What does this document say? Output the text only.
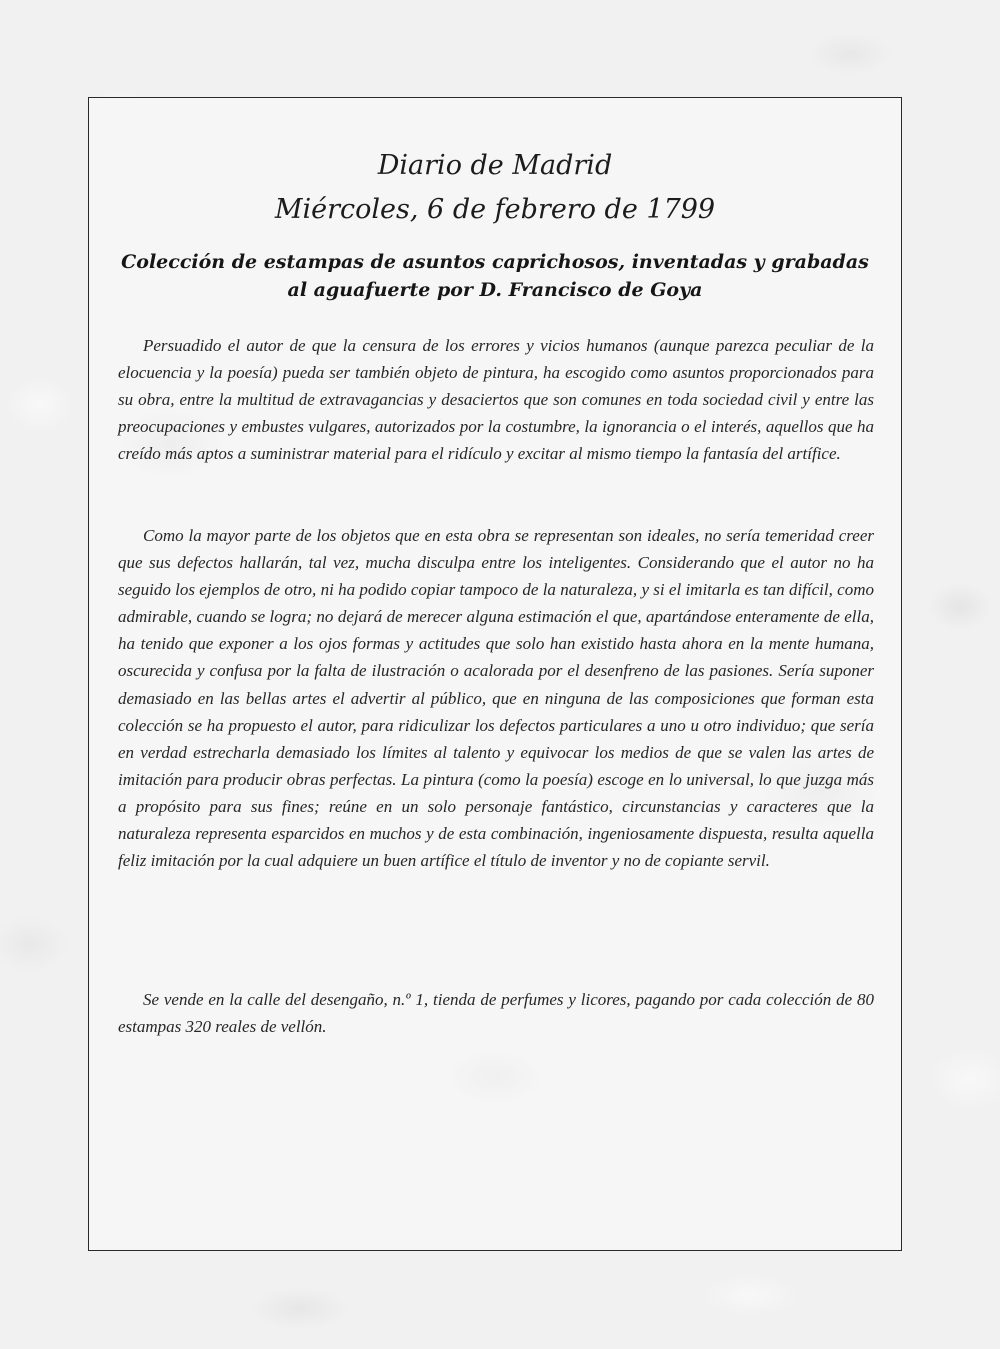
Diario de Madrid
Miércoles, 6 de febrero de 1799
Colección de estampas de asuntos caprichosos, inventadas y grabadas
al aguafuerte por D. Francisco de Goya

Persuadido el autor de que la censura de los errores y vicios humanos (aunque parezca peculiar de la elocuencia y la poesía) pueda ser también objeto de pintura, ha escogido como asuntos proporcionados para su obra, entre la multitud de extravagancias y desaciertos que son comunes en toda sociedad civil y entre las preocupaciones y embustes vulgares, autorizados por la costumbre, la ignorancia o el interés, aquellos que ha creído más aptos a suministrar material para el ridículo y excitar al mismo tiempo la fantasía del artífice.

Como la mayor parte de los objetos que en esta obra se representan son ideales, no sería temeridad creer que sus defectos hallarán, tal vez, mucha disculpa entre los inteligentes. Considerando que el autor no ha seguido los ejemplos de otro, ni ha podido copiar tampoco de la naturaleza, y si el imitarla es tan difícil, como admirable, cuando se logra; no dejará de merecer alguna estimación el que, apartándose enteramente de ella, ha tenido que exponer a los ojos formas y actitudes que solo han existido hasta ahora en la mente humana, oscurecida y confusa por la falta de ilustración o acalorada por el desenfreno de las pasiones. Sería suponer demasiado en las bellas artes el advertir al público, que en ninguna de las composiciones que forman esta colección se ha propuesto el autor, para ridiculizar los defectos particulares a uno u otro individuo; que sería en verdad estrecharla demasiado los límites al talento y equivocar los medios de que se valen las artes de imitación para producir obras perfectas. La pintura (como la poesía) escoge en lo universal, lo que juzga más a propósito para sus fines; reúne en un solo personaje fantástico, circunstancias y caracteres que la naturaleza representa esparcidos en muchos y de esta combinación, ingeniosamente dispuesta, resulta aquella feliz imitación por la cual adquiere un buen artífice el título de inventor y no de copiante servil.

Se vende en la calle del desengaño, n.º 1, tienda de perfumes y licores, pagando por cada colección de 80 estampas 320 reales de vellón.
